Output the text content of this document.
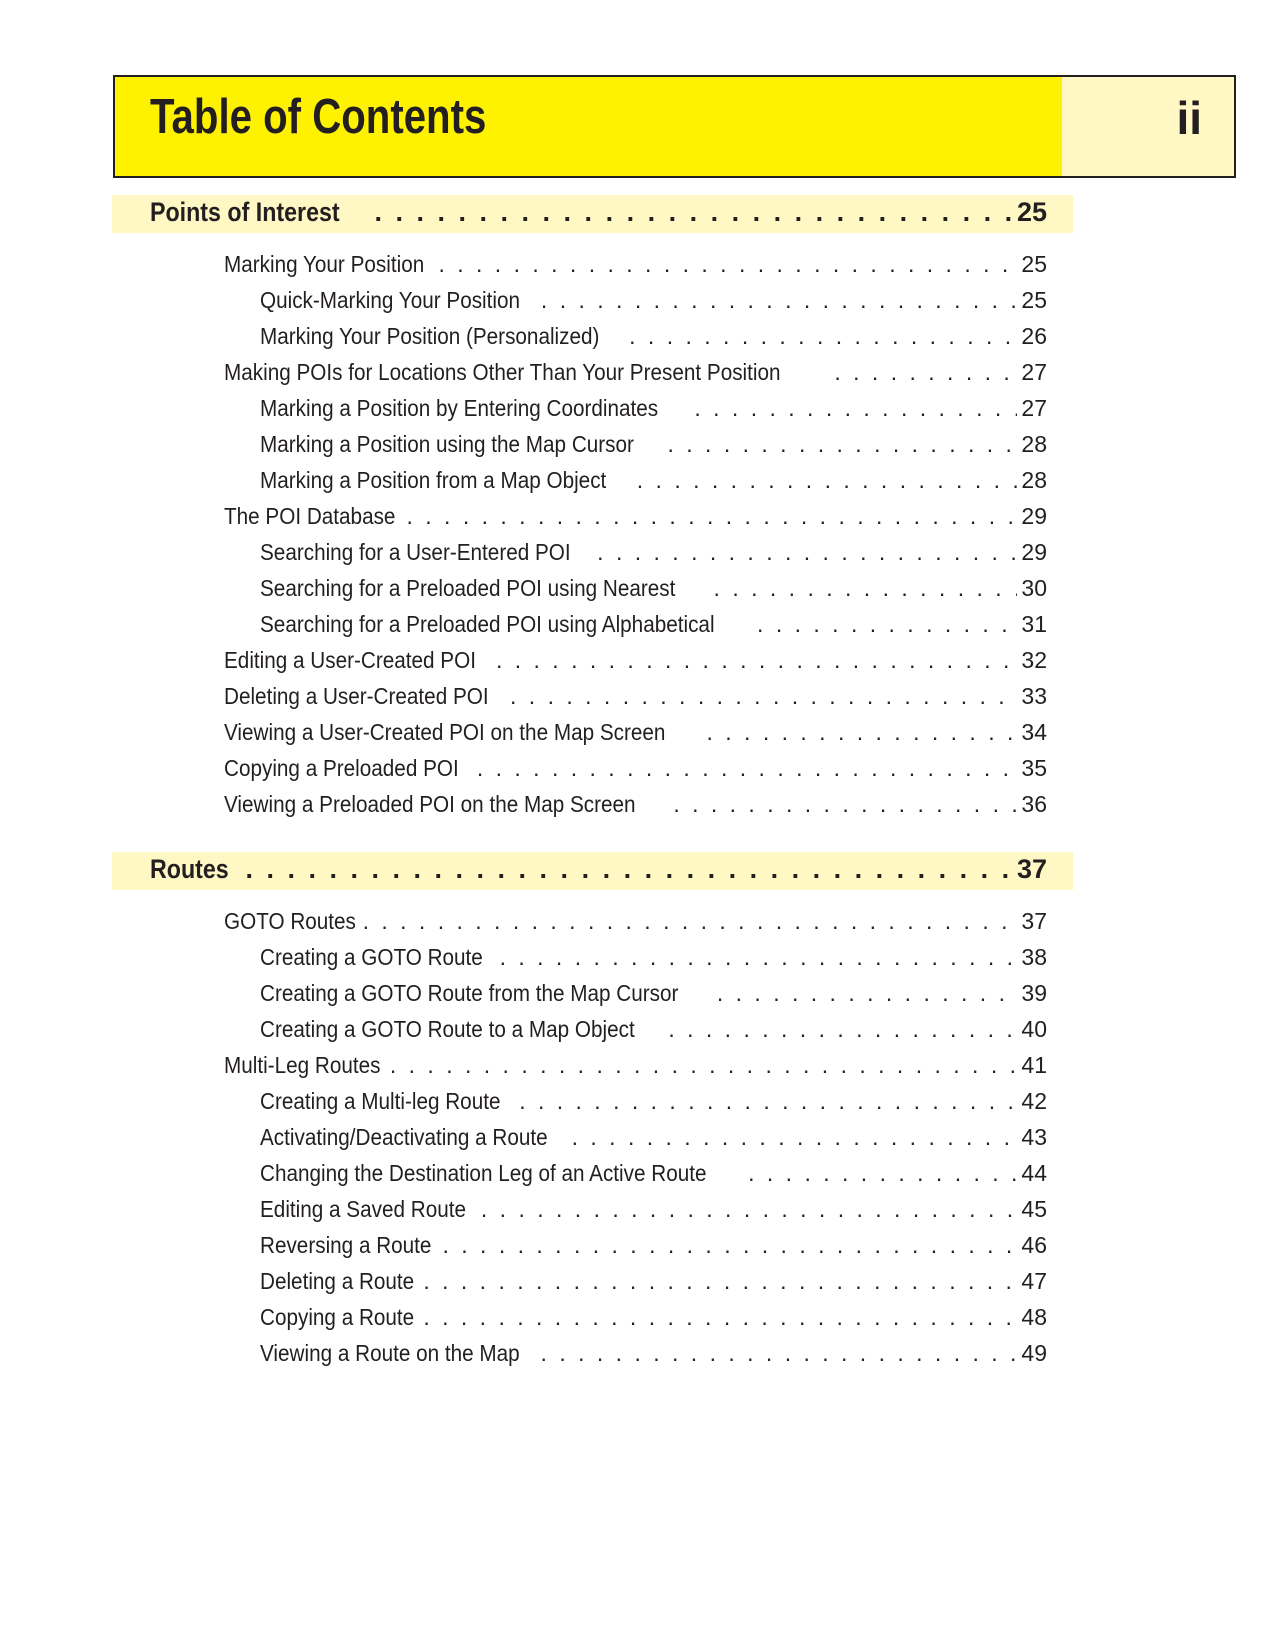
Table of Contents	ii
Points of Interest . . .	25
Marking Your Position . . .	25
Quick-Marking Your Position . . .	25
Marking Your Position (Personalized) . . .	26
Making POIs for Locations Other Than Your Present Position . . .	27
Marking a Position by Entering Coordinates . . .	27
Marking a Position using the Map Cursor . . .	28
Marking a Position from a Map Object . . .	28
The POI Database . . .	29
Searching for a User-Entered POI . . .	29
Searching for a Preloaded POI using Nearest . . .	30
Searching for a Preloaded POI using Alphabetical . . .	31
Editing a User-Created POI . . .	32
Deleting a User-Created POI . . .	33
Viewing a User-Created POI on the Map Screen . . .	34
Copying a Preloaded POI . . .	35
Viewing a Preloaded POI on the Map Screen . . .	36
Routes . . .	37
GOTO Routes . . .	37
Creating a GOTO Route . . .	38
Creating a GOTO Route from the Map Cursor . . .	39
Creating a GOTO Route to a Map Object . . .	40
Multi-Leg Routes . . .	41
Creating a Multi-leg Route . . .	42
Activating/Deactivating a Route . . .	43
Changing the Destination Leg of an Active Route . . .	44
Editing a Saved Route . . .	45
Reversing a Route . . .	46
Deleting a Route . . .	47
Copying a Route . . .	48
Viewing a Route on the Map . . .	49
